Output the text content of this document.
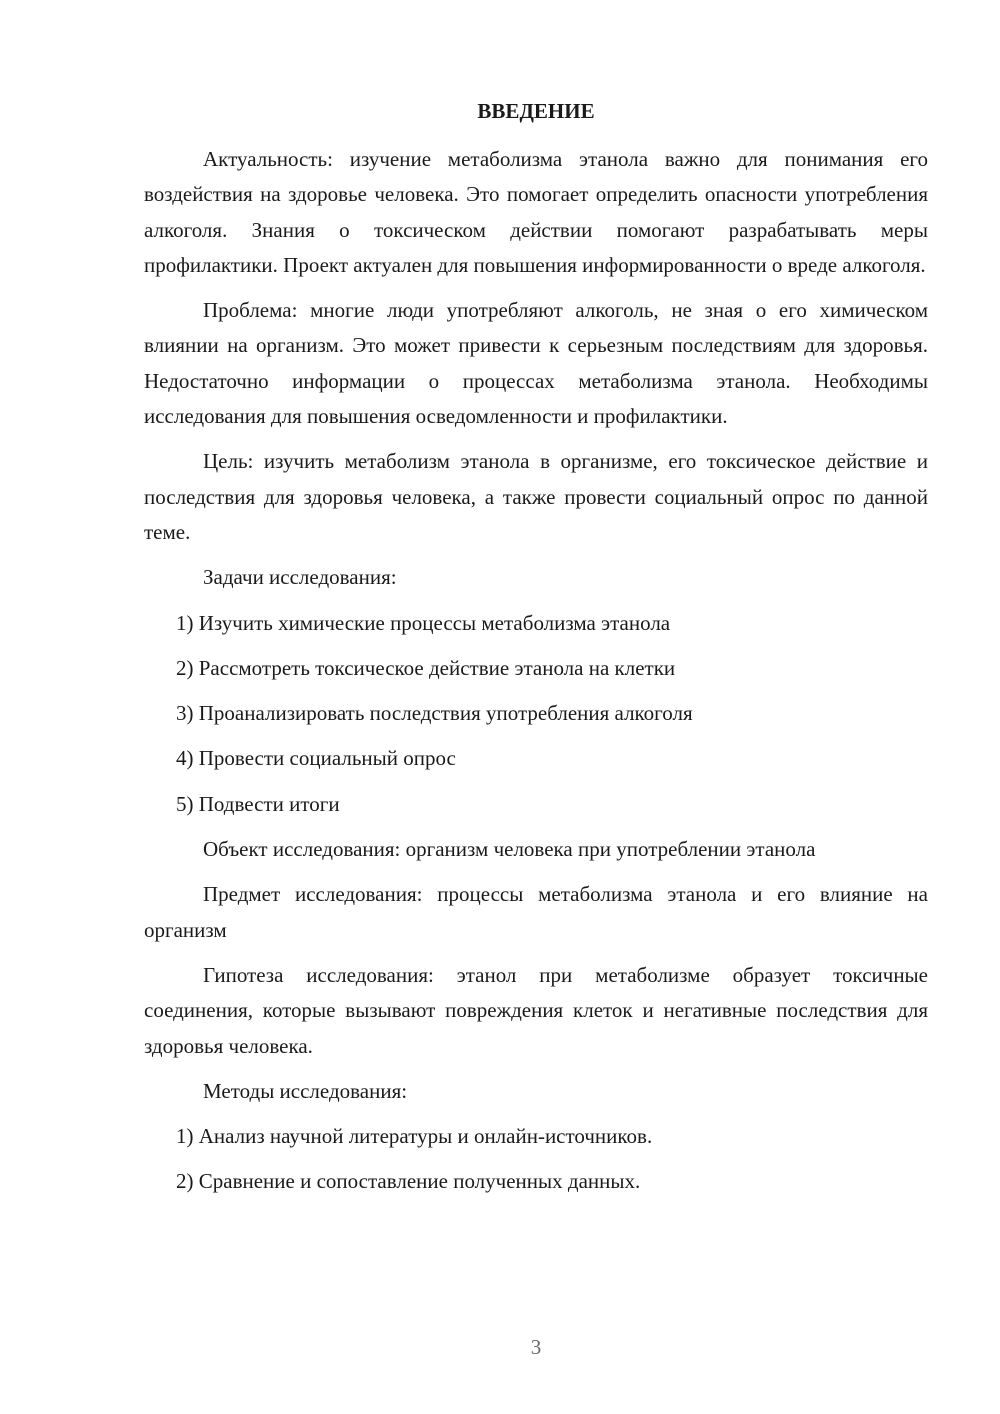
ВВЕДЕНИЕ

Актуальность: изучение метаболизма этанола важно для понимания его воздействия на здоровье человека. Это помогает определить опасности употребления алкоголя. Знания о токсическом действии помогают разрабатывать меры профилактики. Проект актуален для повышения информированности о вреде алкоголя.

Проблема: многие люди употребляют алкоголь, не зная о его химическом влиянии на организм. Это может привести к серьезным последствиям для здоровья. Недостаточно информации о процессах метаболизма этанола. Необходимы исследования для повышения осведомленности и профилактики.

Цель: изучить метаболизм этанола в организме, его токсическое действие и последствия для здоровья человека, а также провести социальный опрос по данной теме.

Задачи исследования:

1) Изучить химические процессы метаболизма этанола

2) Рассмотреть токсическое действие этанола на клетки

3) Проанализировать последствия употребления алкоголя

4) Провести социальный опрос

5) Подвести итоги

Объект исследования: организм человека при употреблении этанола

Предмет исследования: процессы метаболизма этанола и его влияние на организм

Гипотеза исследования: этанол при метаболизме образует токсичные соединения, которые вызывают повреждения клеток и негативные последствия для здоровья человека.

Методы исследования:

1) Анализ научной литературы и онлайн-источников.

2) Сравнение и сопоставление полученных данных.

3
